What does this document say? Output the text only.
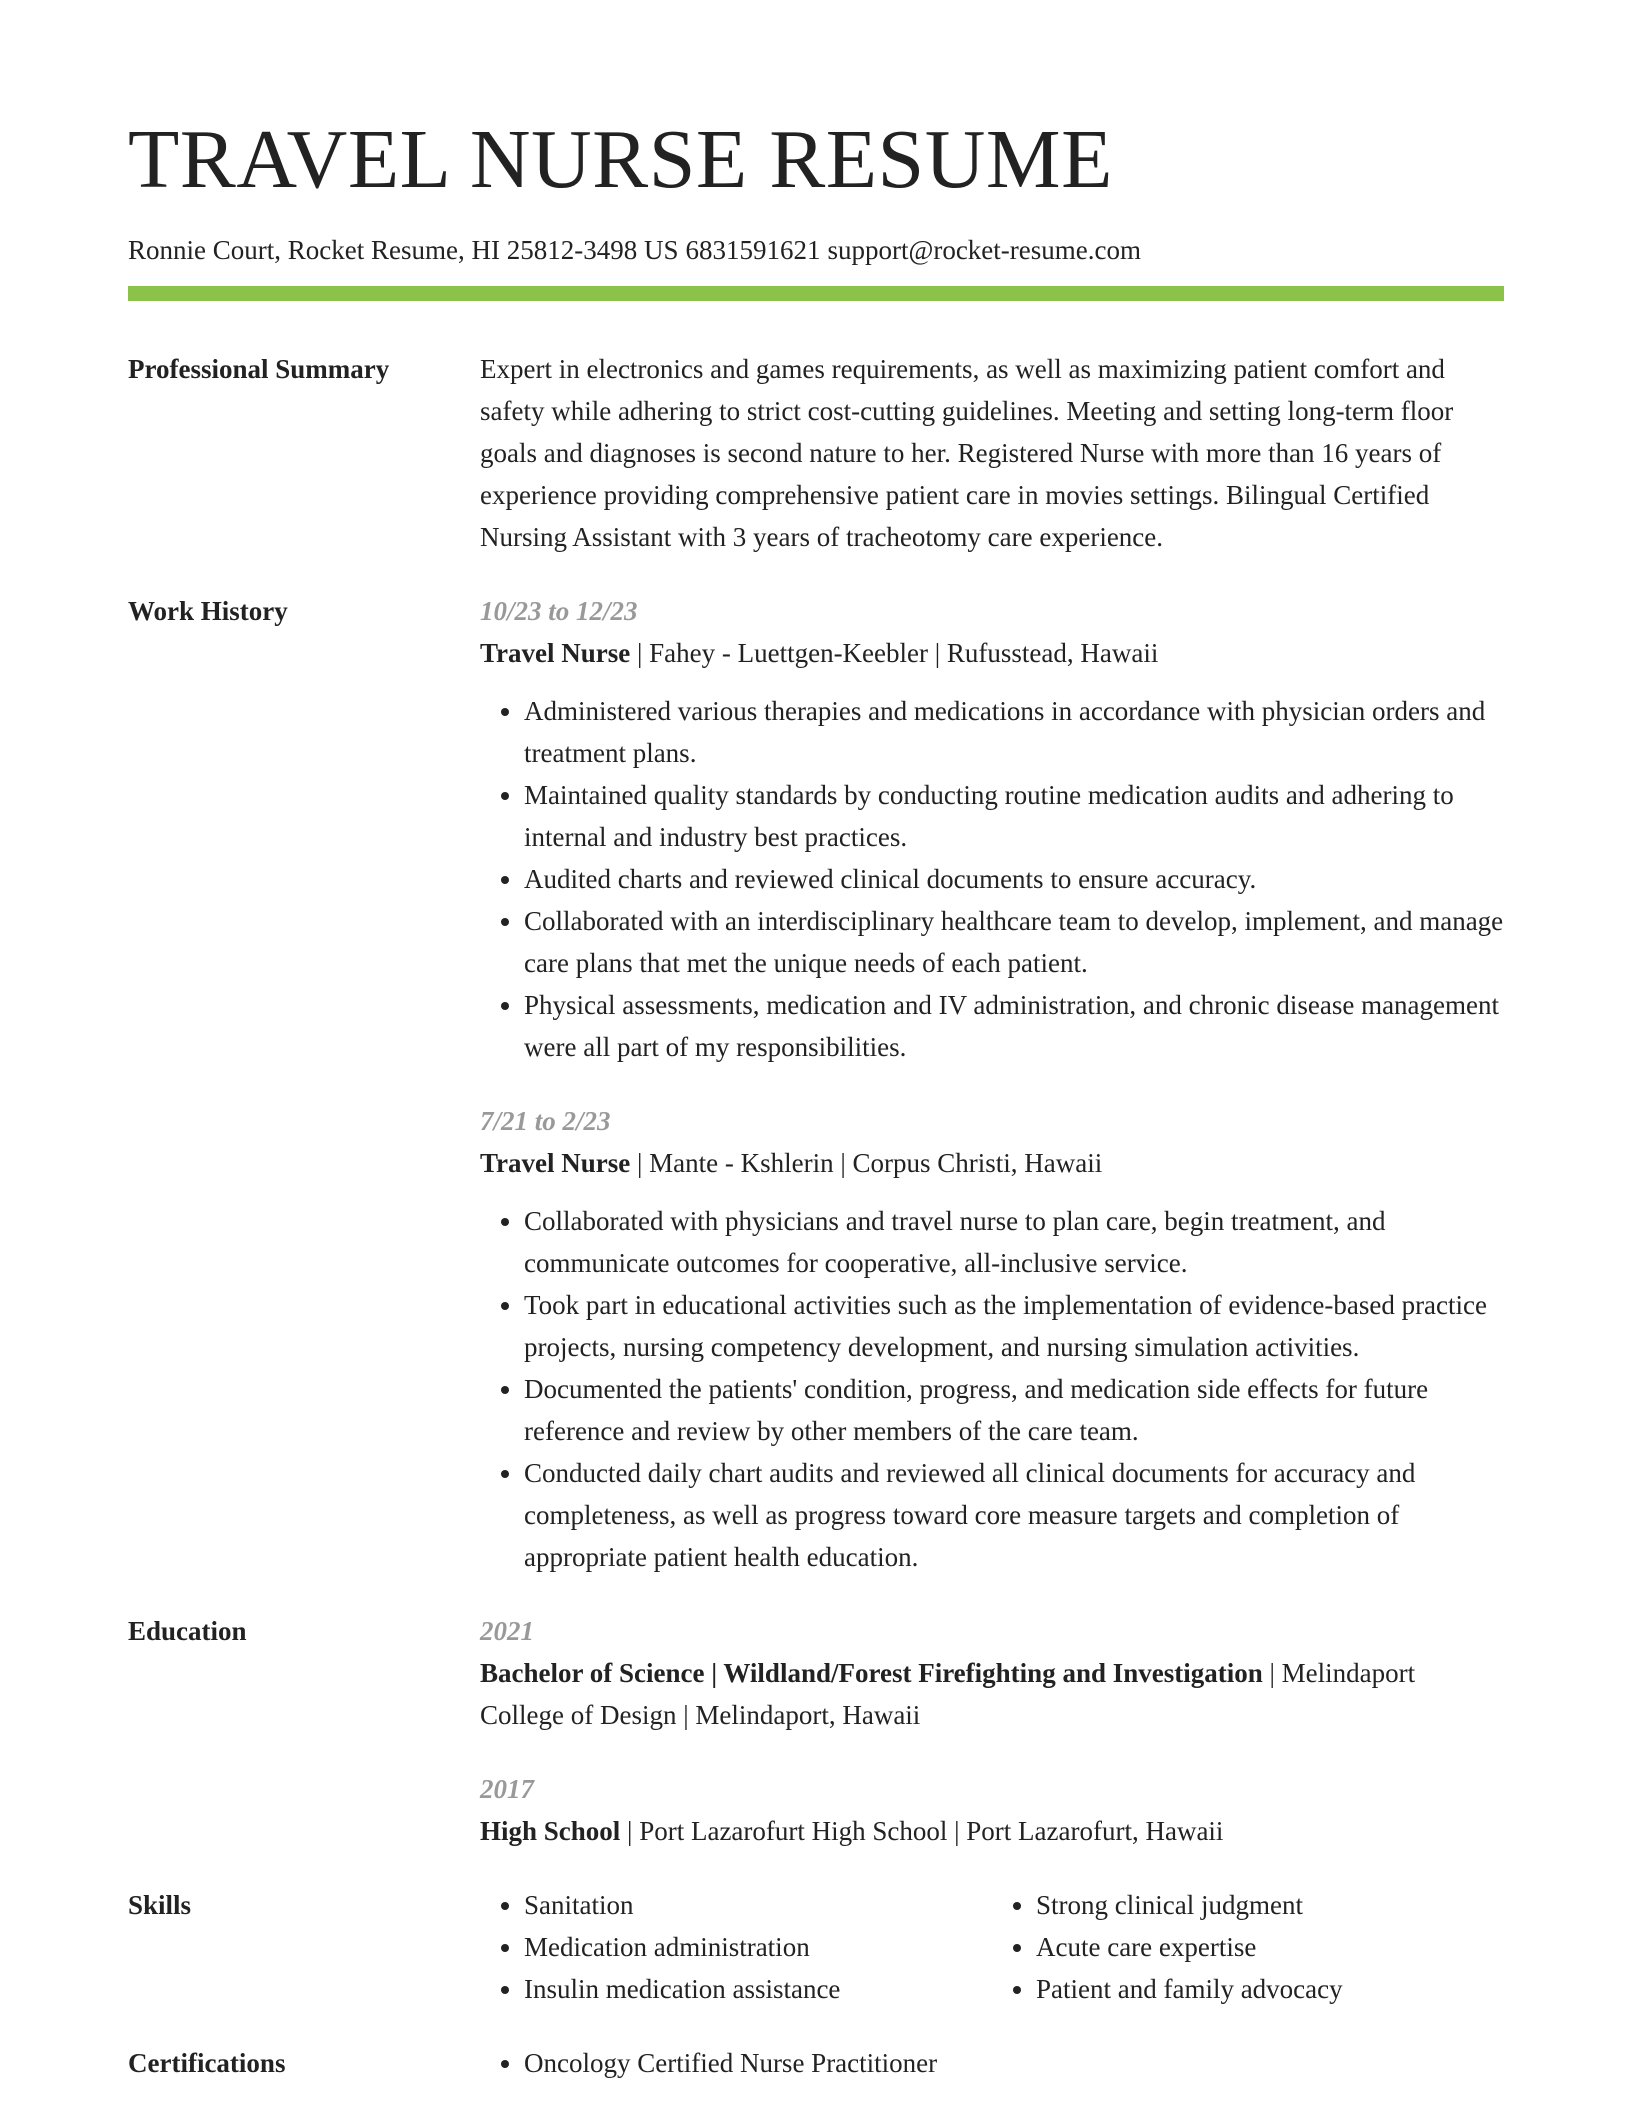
TRAVEL NURSE RESUME
Ronnie Court, Rocket Resume, HI 25812-3498 US 6831591621 support@rocket-resume.com
Professional Summary	Expert in electronics and games requirements, as well as maximizing patient comfort and safety while adhering to strict cost-cutting guidelines. Meeting and setting long-term floor goals and diagnoses is second nature to her. Registered Nurse with more than 16 years of experience providing comprehensive patient care in movies settings. Bilingual Certified Nursing Assistant with 3 years of tracheotomy care experience.

Work History	10/23 to 12/23
Travel Nurse | Fahey - Luettgen-Keebler | Rufusstead, Hawaii
• Administered various therapies and medications in accordance with physician orders and treatment plans.
• Maintained quality standards by conducting routine medication audits and adhering to internal and industry best practices.
• Audited charts and reviewed clinical documents to ensure accuracy.
• Collaborated with an interdisciplinary healthcare team to develop, implement, and manage care plans that met the unique needs of each patient.
• Physical assessments, medication and IV administration, and chronic disease management were all part of my responsibilities.
7/21 to 2/23
Travel Nurse | Mante - Kshlerin | Corpus Christi, Hawaii
• Collaborated with physicians and travel nurse to plan care, begin treatment, and communicate outcomes for cooperative, all-inclusive service.
• Took part in educational activities such as the implementation of evidence-based practice projects, nursing competency development, and nursing simulation activities.
• Documented the patients' condition, progress, and medication side effects for future reference and review by other members of the care team.
• Conducted daily chart audits and reviewed all clinical documents for accuracy and completeness, as well as progress toward core measure targets and completion of appropriate patient health education.
Education	2021
Bachelor of Science | Wildland/Forest Firefighting and Investigation | Melindaport College of Design | Melindaport, Hawaii
2017
High School | Port Lazarofurt High School | Port Lazarofurt, Hawaii
Skills	• Sanitation
• Medication administration
• Insulin medication assistance
• Strong clinical judgment
• Acute care expertise
• Patient and family advocacy
Certifications	• Oncology Certified Nurse Practitioner
